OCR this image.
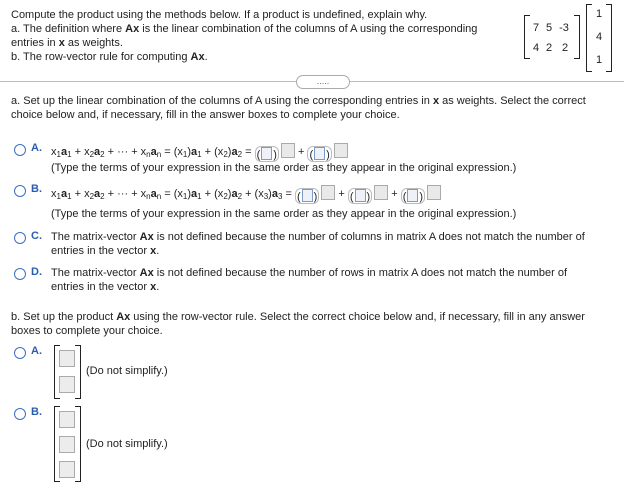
Compute the product using the methods below. If a product is undefined, explain why.
a. The definition where Ax is the linear combination of the columns of A using the corresponding
entries in x as weights.
b. The row-vector rule for computing Ax.
7 5 -3
4 2 2
1
4
1
.....
a. Set up the linear combination of the columns of A using the corresponding entries in x as weights. Select the correct
choice below and, if necessary, fill in the answer boxes to complete your choice.
A. $x_1a_1 + x_2a_2$ + ··· + $x_na_n = (x_1)a_1 + (x_2)a_2$ = ( ) + ( )
(Type the terms of your expression in the same order as they appear in the original expression.)
B. $x_1a_1 + x_2a_2$ + ··· + $x_na_n = (x_1)a_1 + (x_2)a_2 + (x_3)a_3$ = ( ) + ( ) + ( )
(Type the terms of your expression in the same order as they appear in the original expression.)
C. The matrix-vector Ax is not defined because the number of columns in matrix A does not match the number of
entries in the vector x.
D. The matrix-vector Ax is not defined because the number of rows in matrix A does not match the number of
entries in the vector x.
b. Set up the product Ax using the row-vector rule. Select the correct choice below and, if necessary, fill in any answer
boxes to complete your choice.
A.
(Do not simplify.)
B.
(Do not simplify.)
